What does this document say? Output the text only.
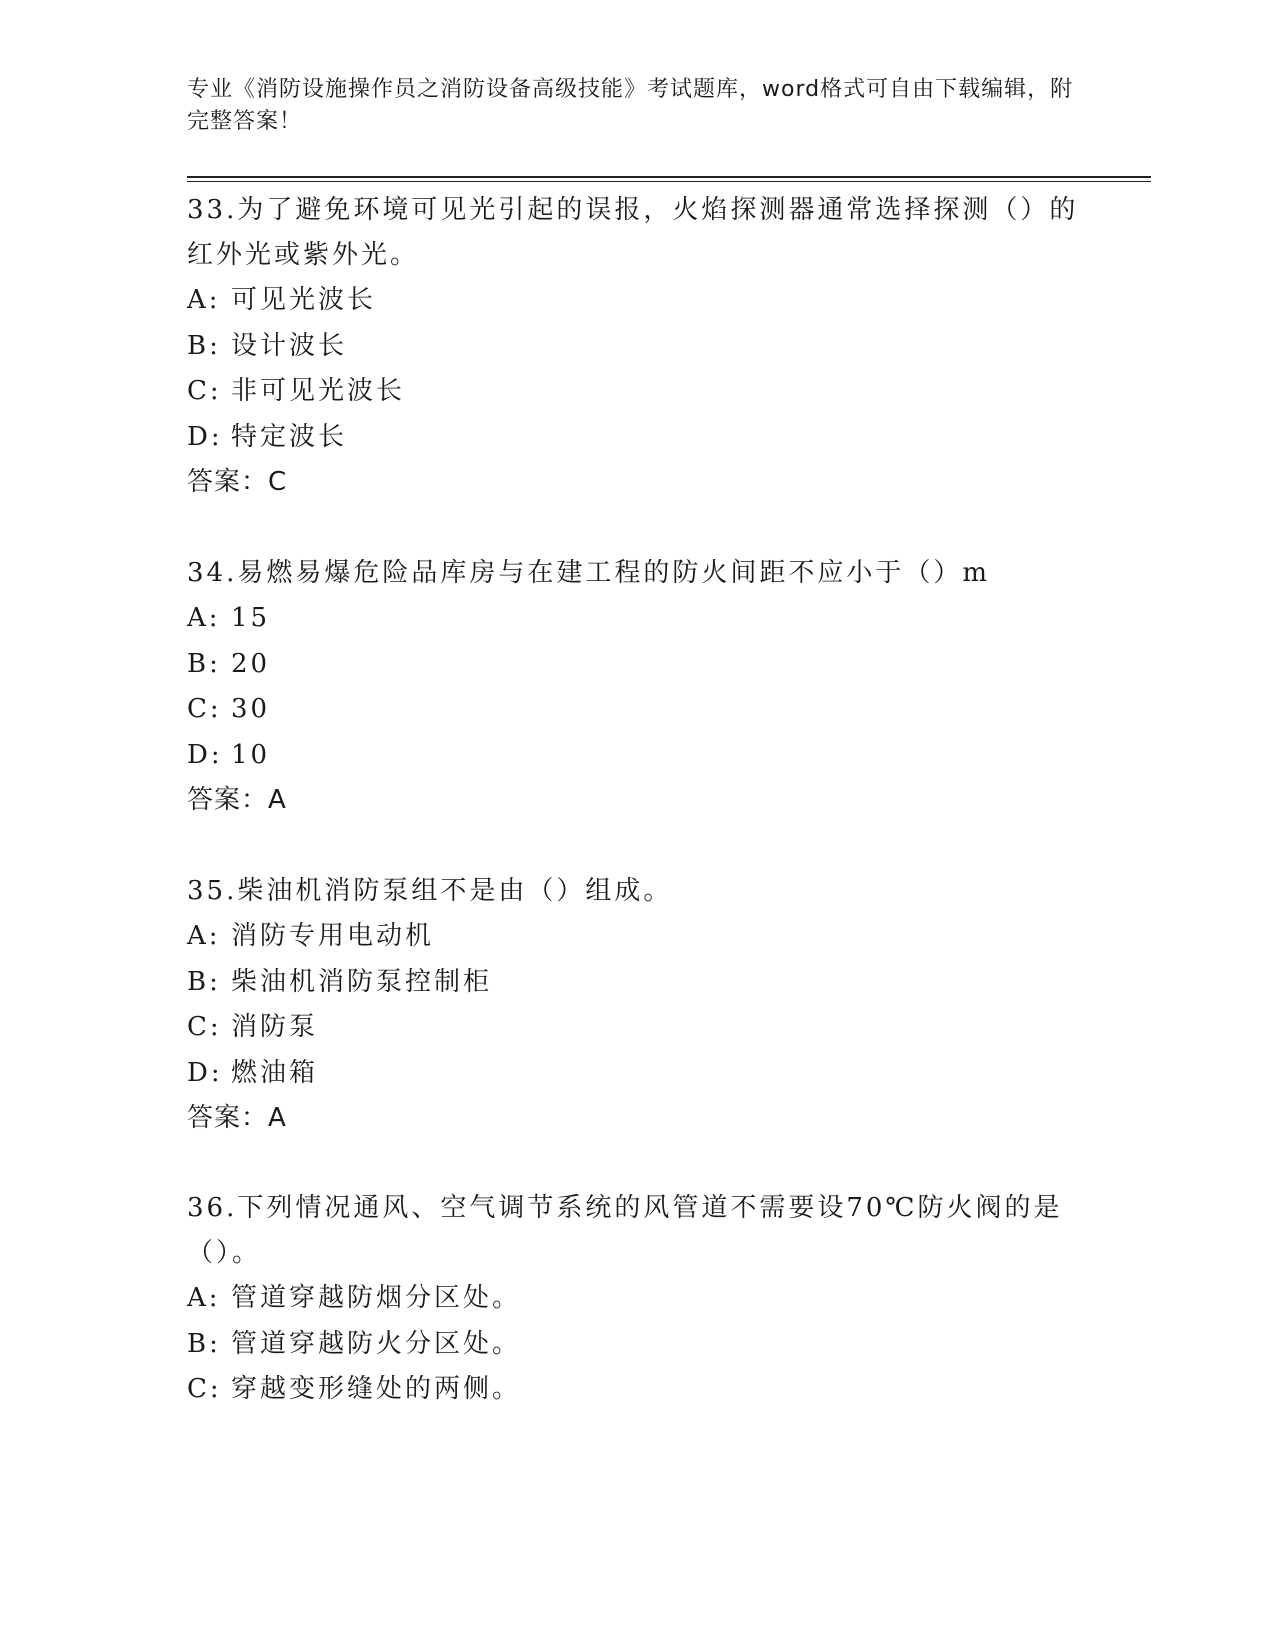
专业《消防设施操作员之消防设备高级技能》考试题库，word格式可自由下载编辑，附完整答案！

33.为了避免环境可见光引起的误报，火焰探测器通常选择探测（）的红外光或紫外光。

A: 可见光波长

B: 设计波长

C: 非可见光波长

D: 特定波长

答案：C

34.易燃易爆危险品库房与在建工程的防火间距不应小于（）m

A: 15

B: 20

C: 30

D: 10

答案：A

35.柴油机消防泵组不是由（）组成。

A: 消防专用电动机

B: 柴油机消防泵控制柜

C: 消防泵

D: 燃油箱

答案：A

36.下列情况通风、空气调节系统的风管道不需要设70℃防火阀的是（）。

A: 管道穿越防烟分区处。

B: 管道穿越防火分区处。

C: 穿越变形缝处的两侧。
